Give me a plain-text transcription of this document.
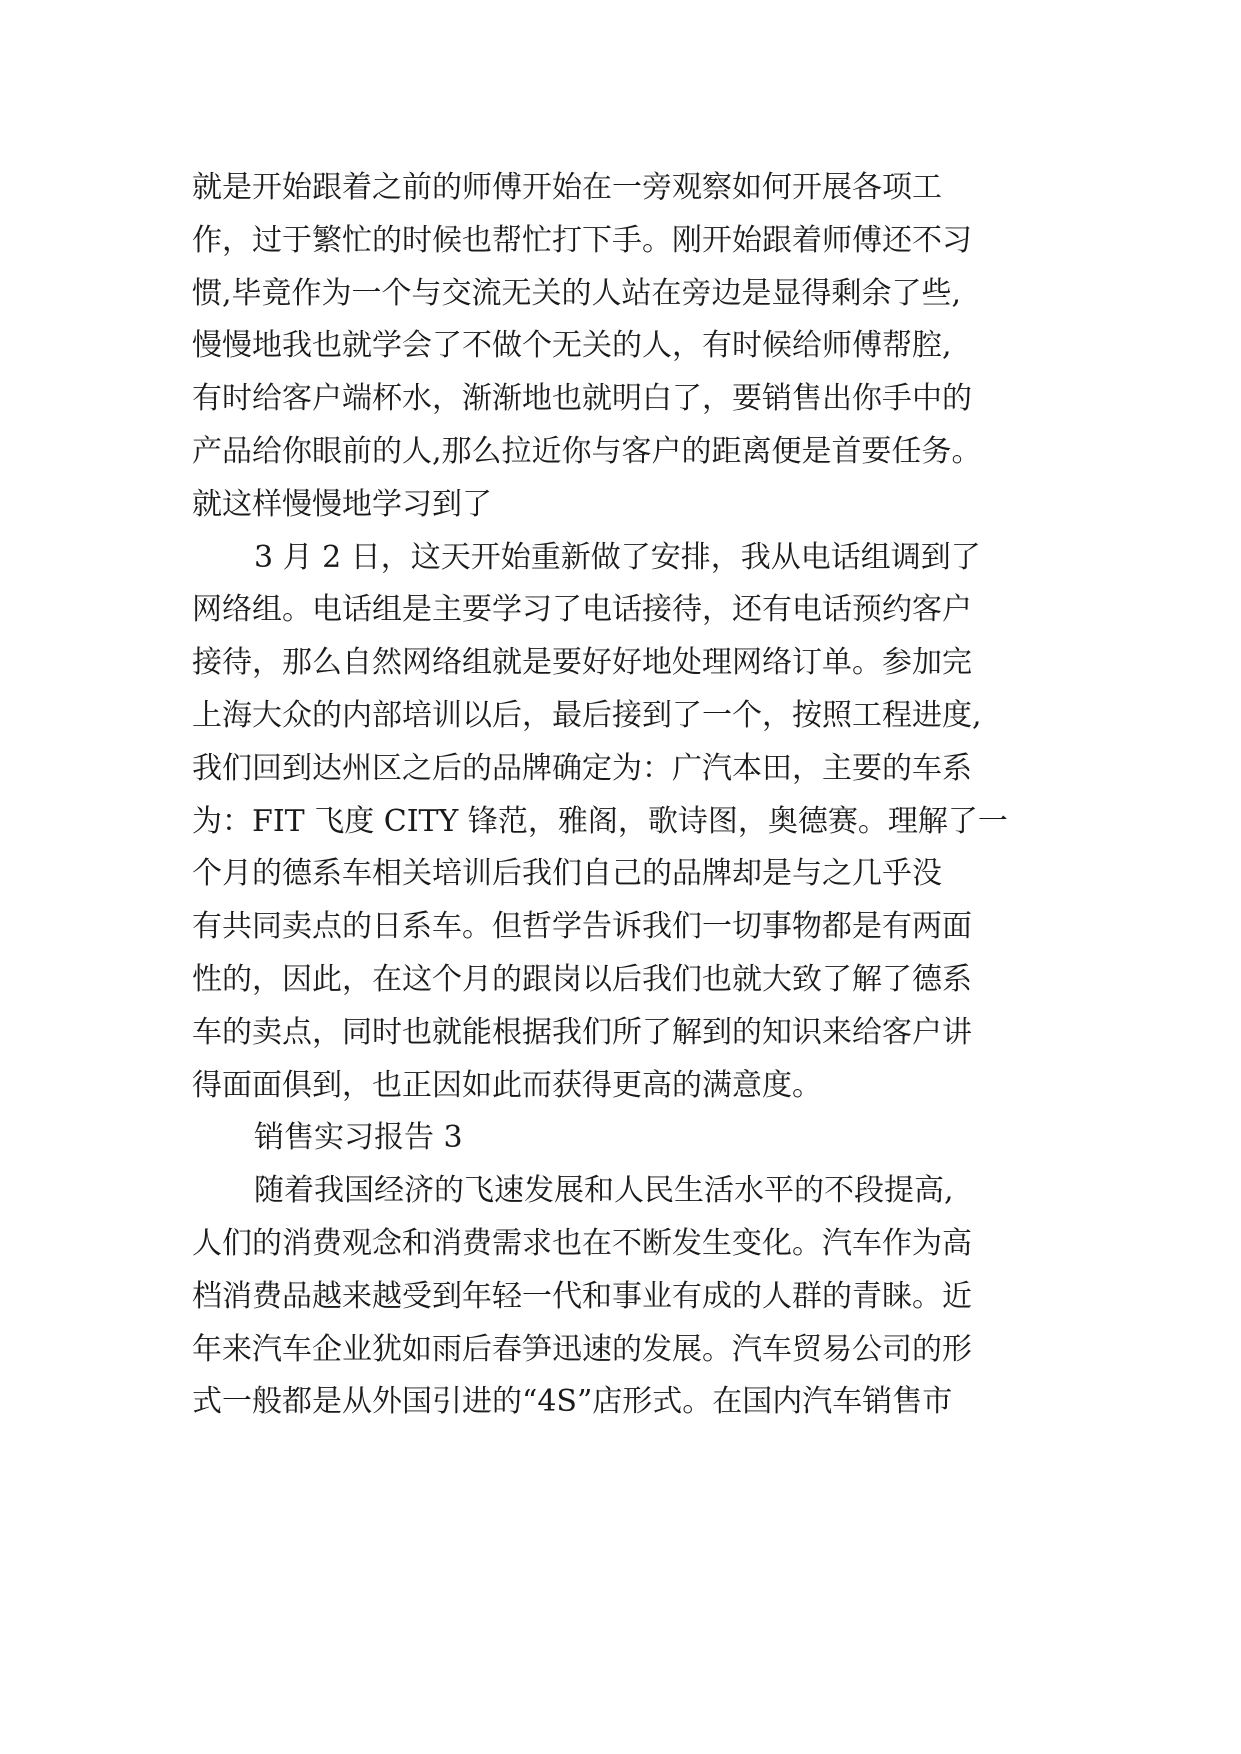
就是开始跟着之前的师傅开始在一旁观察如何开展各项工
作，过于繁忙的时候也帮忙打下手。刚开始跟着师傅还不习
惯,毕竟作为一个与交流无关的人站在旁边是显得剩余了些,
慢慢地我也就学会了不做个无关的人，有时候给师傅帮腔,
有时给客户端杯水，渐渐地也就明白了，要销售出你手中的
产品给你眼前的人,那么拉近你与客户的距离便是首要任务。
就这样慢慢地学习到了
3 月 2 日，这天开始重新做了安排，我从电话组调到了
网络组。电话组是主要学习了电话接待，还有电话预约客户
接待，那么自然网络组就是要好好地处理网络订单。参加完
上海大众的内部培训以后，最后接到了一个，按照工程进度,
我们回到达州区之后的品牌确定为：广汽本田，主要的车系
为：FIT 飞度 CITY 锋范，雅阁，歌诗图，奥德赛。理解了一
个月的德系车相关培训后我们自己的品牌却是与之几乎没
有共同卖点的日系车。但哲学告诉我们一切事物都是有两面
性的，因此，在这个月的跟岗以后我们也就大致了解了德系
车的卖点，同时也就能根据我们所了解到的知识来给客户讲
得面面俱到，也正因如此而获得更高的满意度。
销售实习报告 3
随着我国经济的飞速发展和人民生活水平的不段提高,
人们的消费观念和消费需求也在不断发生变化。汽车作为高
档消费品越来越受到年轻一代和事业有成的人群的青睐。近
年来汽车企业犹如雨后春笋迅速的发展。汽车贸易公司的形
式一般都是从外国引进的“4S”店形式。在国内汽车销售市
